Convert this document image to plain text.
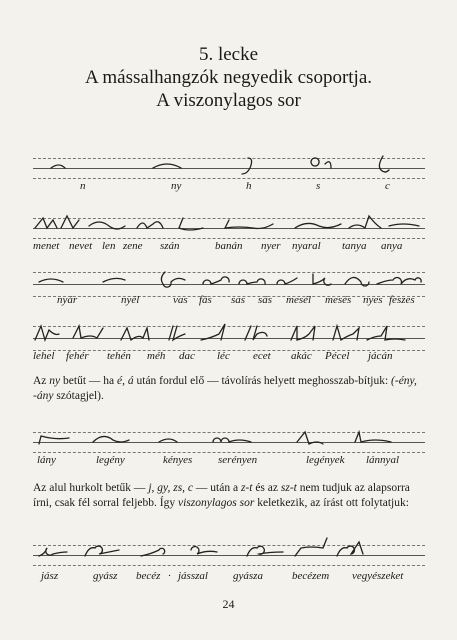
5. lecke
A mássalhangzók negyedik csoportja.
A viszonylagos sor
n	ny	h	s	c
menet nevet len zene szán	banán nyer nyaral tanya anya
nyár	nyél	vas fás sas sás mesél mesés nyes feszes
lehel fehér tehén méh dac léc ecet akác Pécel jácán
Az ny betűt — ha é, á után fordul elő — távolírás helyett meghosszab-bítjuk: (-ény, -ány szótagjel).
lány	legény	kényes serényen	legények lánnyal
Az alul hurkolt betűk — j, gy, zs, c — után a z-t és az sz-t nem tudjuk az alapsorra írni, csak fél sorral feljebb. Így viszonylagos sor keletkezik, az írást ott folytatjuk:
jász	gyász becéz · jásszal gyásza	becézem vegyészeket
24
